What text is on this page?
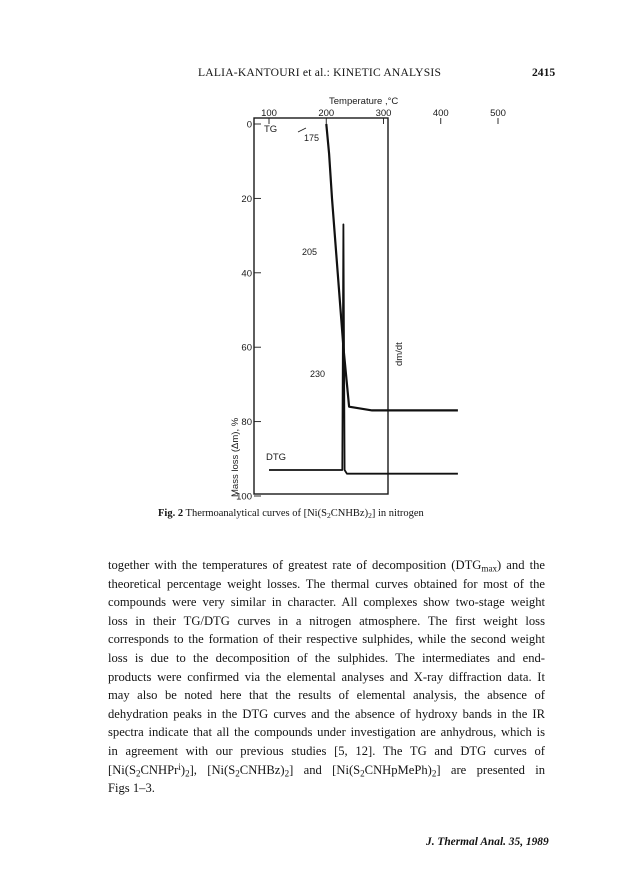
LALIA-KANTOURI et al.: KINETIC ANALYSIS	2415
Temperature ,°C
100	200	300	400	500
0
20
40
60
80
100
Mass loss (Δm), %
TG
DTG
dm/dt
175
205
230
Fig. 2 Thermoanalytical curves of $[Ni(S_2CNHBz)_2]$ in nitrogen
together with the temperatures of greatest rate of decomposition $(DTG_{max})$ and the
theoretical percentage weight losses. The thermal curves obtained for most of the
compounds were very similar in character. All complexes show two-stage weight
loss in their TG/DTG curves in a nitrogen atmosphere. The first weight loss
corresponds to the formation of their respective sulphides, while the second weight
loss is due to the decomposition of the sulphides. The intermediates and end-
products were confirmed via the elemental analyses and X-ray diffraction data. It
may also be noted here that the results of elemental analysis, the absence of
dehydration peaks in the DTG curves and the absence of hydroxy bands in the IR
spectra indicate that all the compounds under investigation are anhydrous, which is
in agreement with our previous studies [5, 12]. The TG and DTG curves of
$[Ni(S_2CNHPr^i)_2]$, $[Ni(S_2CNHBz)_2]$ and $[Ni(S_2CNHpMePh)_2]$ are presented in
Figs 1–3.
J. Thermal Anal. 35, 1989
